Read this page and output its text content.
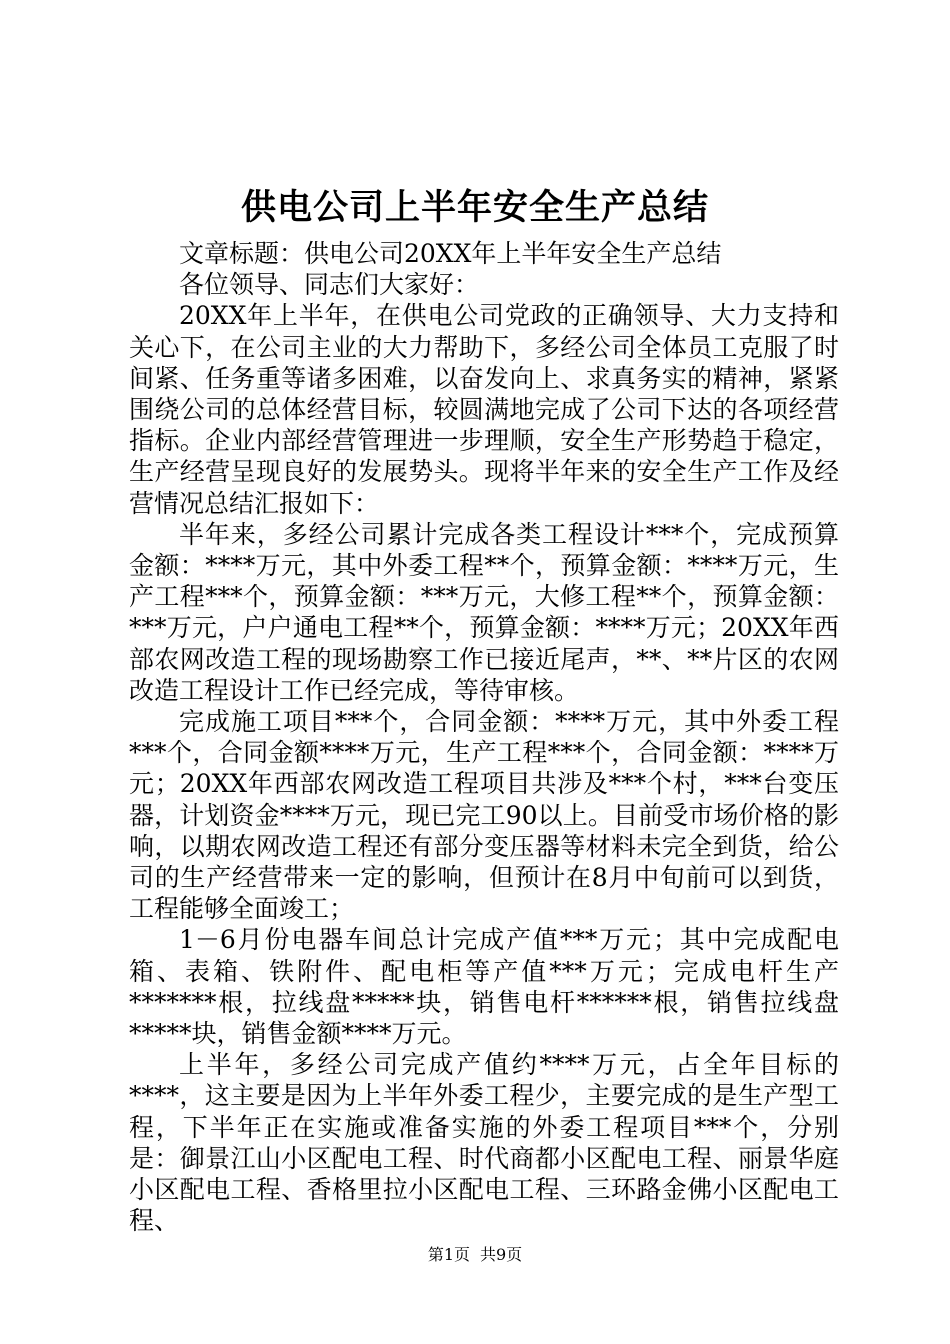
供电公司上半年安全生产总结

文章标题：供电公司20XX年上半年安全生产总结

各位领导、同志们大家好：

20XX年上半年，在供电公司党政的正确领导、大力支持和关心下，在公司主业的大力帮助下，多经公司全体员工克服了时间紧、任务重等诸多困难，以奋发向上、求真务实的精神，紧紧围绕公司的总体经营目标，较圆满地完成了公司下达的各项经营指标。企业内部经营管理进一步理顺，安全生产形势趋于稳定，生产经营呈现良好的发展势头。现将半年来的安全生产工作及经营情况总结汇报如下：

半年来，多经公司累计完成各类工程设计***个，完成预算金额：****万元，其中外委工程**个，预算金额：****万元，生产工程***个，预算金额：***万元，大修工程**个，预算金额：***万元，户户通电工程**个，预算金额：****万元；20XX年西部农网改造工程的现场勘察工作已接近尾声，**、**片区的农网改造工程设计工作已经完成，等待审核。

完成施工项目***个，合同金额：****万元，其中外委工程***个，合同金额****万元，生产工程***个，合同金额：****万元；20XX年西部农网改造工程项目共涉及***个村，***台变压器，计划资金****万元，现已完工90以上。目前受市场价格的影响，以期农网改造工程还有部分变压器等材料未完全到货，给公司的生产经营带来一定的影响，但预计在8月中旬前可以到货，工程能够全面竣工；

1－6月份电器车间总计完成产值***万元；其中完成配电箱、表箱、铁附件、配电柜等产值***万元；完成电杆生产*******根，拉线盘*****块，销售电杆******根，销售拉线盘*****块，销售金额****万元。

上半年，多经公司完成产值约****万元，占全年目标的****，这主要是因为上半年外委工程少，主要完成的是生产型工程，下半年正在实施或准备实施的外委工程项目***个，分别是：御景江山小区配电工程、时代商都小区配电工程、丽景华庭小区配电工程、香格里拉小区配电工程、三环路金佛小区配电工程、

第1页 共9页
